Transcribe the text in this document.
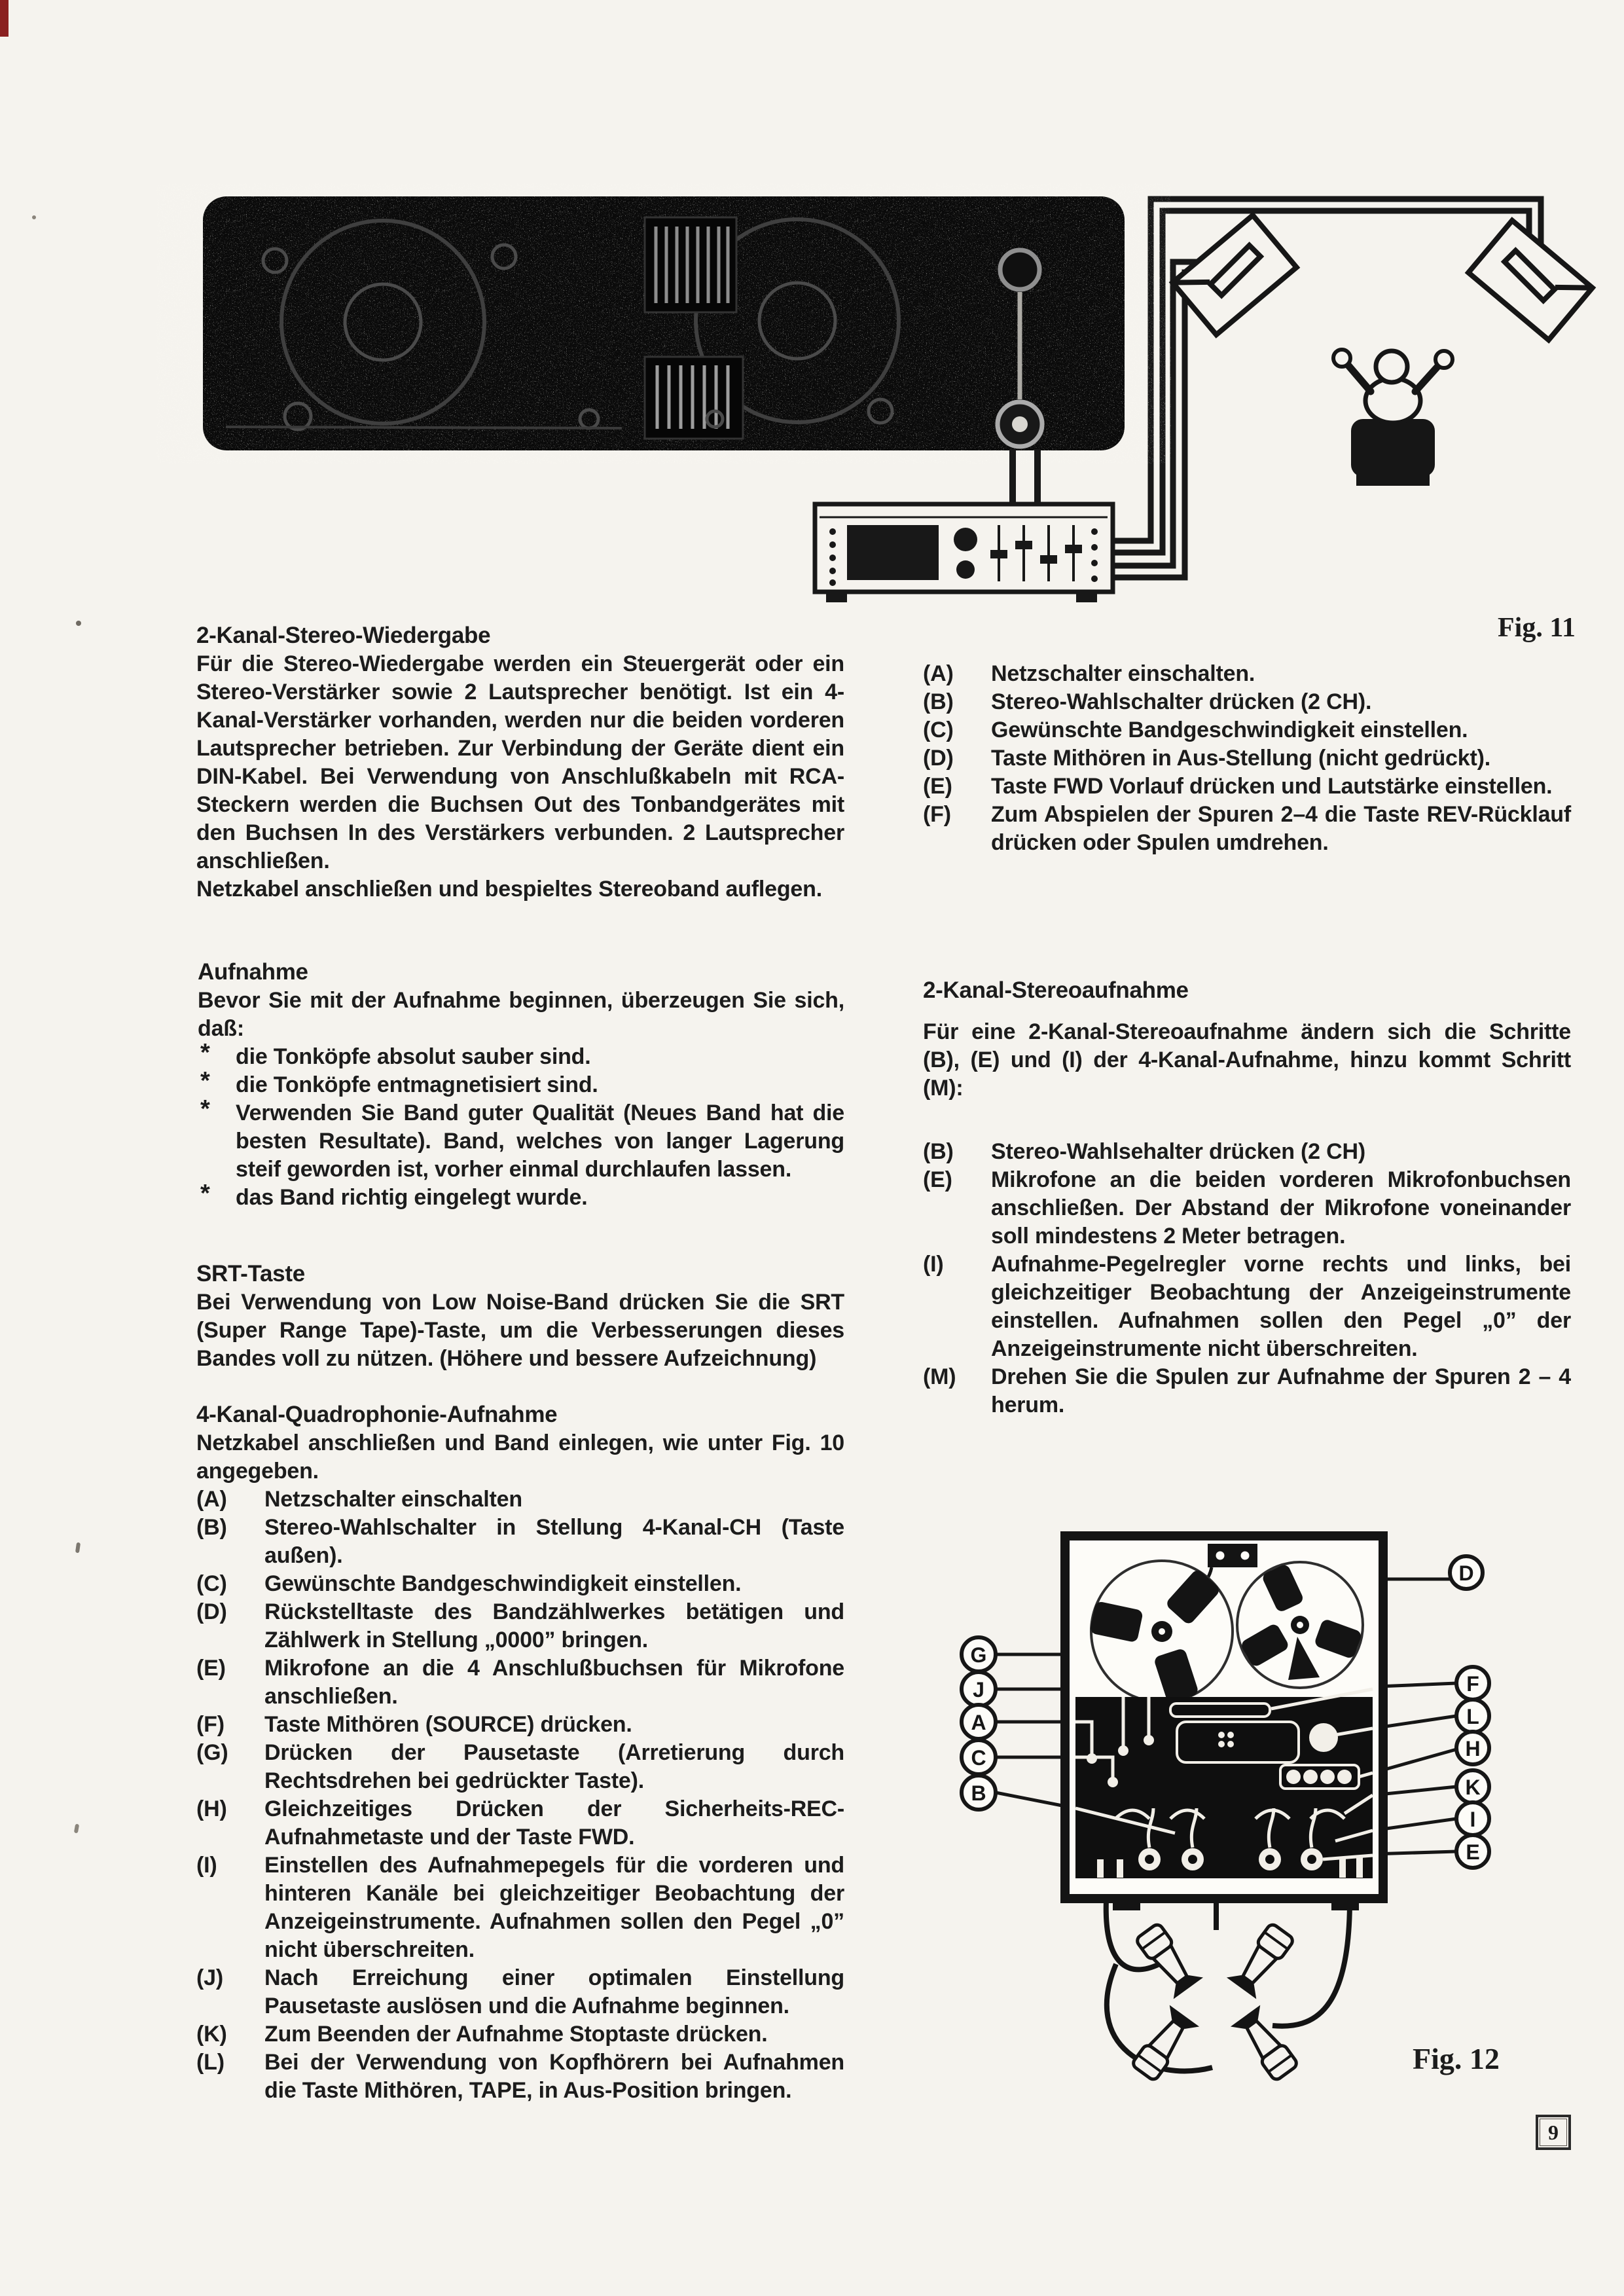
Fig. 11
G
J
A
C
B
D
F
L
H
K
I
E
Fig. 12
2-Kanal-Stereo-Wiedergabe
Für die Stereo-Wiedergabe werden ein Steuergerät oder ein Stereo-Verstärker sowie 2 Lautsprecher benötigt. Ist ein 4-Kanal-Verstärker vorhanden, werden nur die beiden vorderen Lautsprecher betrieben. Zur Verbindung der Geräte dient ein DIN-Kabel. Bei Verwendung von Anschlußkabeln mit RCA-Steckern werden die Buchsen Out des Tonbandgerätes mit den Buchsen In des Verstärkers verbunden. 2 Lautsprecher anschließen.
Netzkabel anschließen und bespieltes Stereoband auflegen.
(A) Netzschalter einschalten.
(B) Stereo-Wahlschalter drücken (2 CH).
(C) Gewünschte Bandgeschwindigkeit einstellen.
(D) Taste Mithören in Aus-Stellung (nicht gedrückt).
(E) Taste FWD Vorlauf drücken und Lautstärke einstellen.
(F) Zum Abspielen der Spuren 2–4 die Taste REV-Rücklauf drücken oder Spulen umdrehen.
Aufnahme
Bevor Sie mit der Aufnahme beginnen, überzeugen Sie sich, daß:
* die Tonköpfe absolut sauber sind.
* die Tonköpfe entmagnetisiert sind.
* Verwenden Sie Band guter Qualität (Neues Band hat die besten Resultate). Band, welches von langer Lagerung steif geworden ist, vorher einmal durchlaufen lassen.
* das Band richtig eingelegt wurde.
SRT-Taste
Bei Verwendung von Low Noise-Band drücken Sie die SRT (Super Range Tape)-Taste, um die Verbesserungen dieses Bandes voll zu nützen. (Höhere und bessere Aufzeichnung)
4-Kanal-Quadrophonie-Aufnahme
Netzkabel anschließen und Band einlegen, wie unter Fig. 10 angegeben.
(A) Netzschalter einschalten
(B) Stereo-Wahlschalter in Stellung 4-Kanal-CH (Taste außen).
(C) Gewünschte Bandgeschwindigkeit einstellen.
(D) Rückstelltaste des Bandzählwerkes betätigen und Zählwerk in Stellung „0000” bringen.
(E) Mikrofone an die 4 Anschlußbuchsen für Mikrofone anschließen.
(F) Taste Mithören (SOURCE) drücken.
(G) Drücken der Pausetaste (Arretierung durch Rechtsdrehen bei gedrückter Taste).
(H) Gleichzeitiges Drücken der Sicherheits-REC-Aufnahmetaste und der Taste FWD.
(I) Einstellen des Aufnahmepegels für die vorderen und hinteren Kanäle bei gleichzeitiger Beobachtung der Anzeigeinstrumente. Aufnahmen sollen den Pegel „0” nicht überschreiten.
(J) Nach Erreichung einer optimalen Einstellung Pausetaste auslösen und die Aufnahme beginnen.
(K) Zum Beenden der Aufnahme Stoptaste drücken.
(L) Bei der Verwendung von Kopfhörern bei Aufnahmen die Taste Mithören, TAPE, in Aus-Position bringen.
2-Kanal-Stereoaufnahme
Für eine 2-Kanal-Stereoaufnahme ändern sich die Schritte (B), (E) und (I) der 4-Kanal-Aufnahme, hinzu kommt Schritt (M):
(B) Stereo-Wahlsehalter drücken (2 CH)
(E) Mikrofone an die beiden vorderen Mikrofonbuchsen anschließen. Der Abstand der Mikrofone voneinander soll mindestens 2 Meter betragen.
(I) Aufnahme-Pegelregler vorne rechts und links, bei gleichzeitiger Beobachtung der Anzeigeinstrumente einstellen. Aufnahmen sollen den Pegel „0” der Anzeigeinstrumente nicht überschreiten.
(M) Drehen Sie die Spulen zur Aufnahme der Spuren 2 – 4 herum.
9
